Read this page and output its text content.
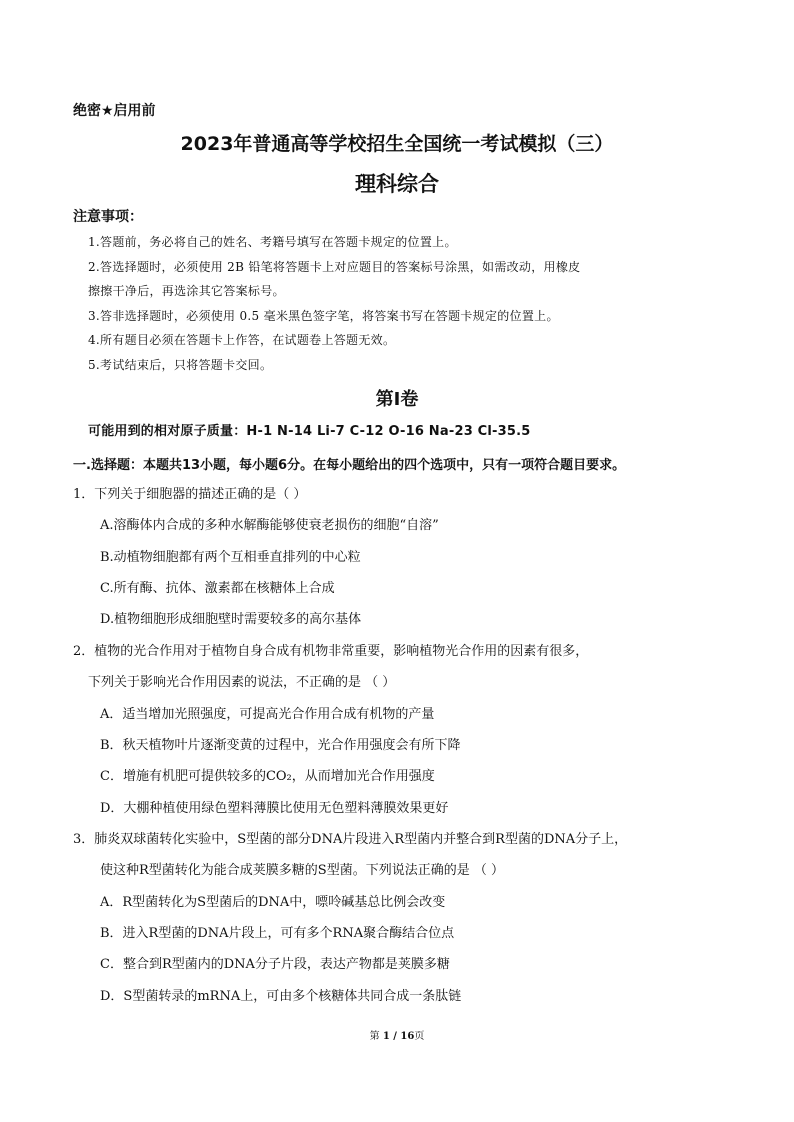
绝密★启用前
2023年普通高等学校招生全国统一考试模拟（三）
理科综合
注意事项：
1.答题前，务必将自己的姓名、考籍号填写在答题卡规定的位置上。
2.答选择题时，必须使用 2B 铅笔将答题卡上对应题目的答案标号涂黑，如需改动，用橡皮
擦擦干净后，再选涂其它答案标号。
3.答非选择题时，必须使用 0.5 毫米黑色签字笔，将答案书写在答题卡规定的位置上。
4.所有题目必须在答题卡上作答，在试题卷上答题无效。
5.考试结束后，只将答题卡交回。
第Ⅰ卷
可能用到的相对原子质量：H-1 N-14 Li-7 C-12 O-16 Na-23 Cl-35.5
一.选择题：本题共13小题，每小题6分。在每小题给出的四个选项中，只有一项符合题目要求。
1．下列关于细胞器的描述正确的是（ ）
A.溶酶体内合成的多种水解酶能够使衰老损伤的细胞“自溶”
B.动植物细胞都有两个互相垂直排列的中心粒
C.所有酶、抗体、激素都在核糖体上合成
D.植物细胞形成细胞壁时需要较多的高尔基体
2．植物的光合作用对于植物自身合成有机物非常重要，影响植物光合作用的因素有很多，
下列关于影响光合作用因素的说法，不正确的是 （ ）
A．适当增加光照强度，可提高光合作用合成有机物的产量
B．秋天植物叶片逐渐变黄的过程中，光合作用强度会有所下降
C．增施有机肥可提供较多的CO₂，从而增加光合作用强度
D．大棚种植使用绿色塑料薄膜比使用无色塑料薄膜效果更好
3．肺炎双球菌转化实验中，S型菌的部分DNA片段进入R型菌内并整合到R型菌的DNA分子上，
使这种R型菌转化为能合成荚膜多糖的S型菌。下列说法正确的是 （ ）
A．R型菌转化为S型菌后的DNA中，嘌呤碱基总比例会改变
B．进入R型菌的DNA片段上，可有多个RNA聚合酶结合位点
C．整合到R型菌内的DNA分子片段，表达产物都是荚膜多糖
D．S型菌转录的mRNA上，可由多个核糖体共同合成一条肽链
第 1 / 16页
